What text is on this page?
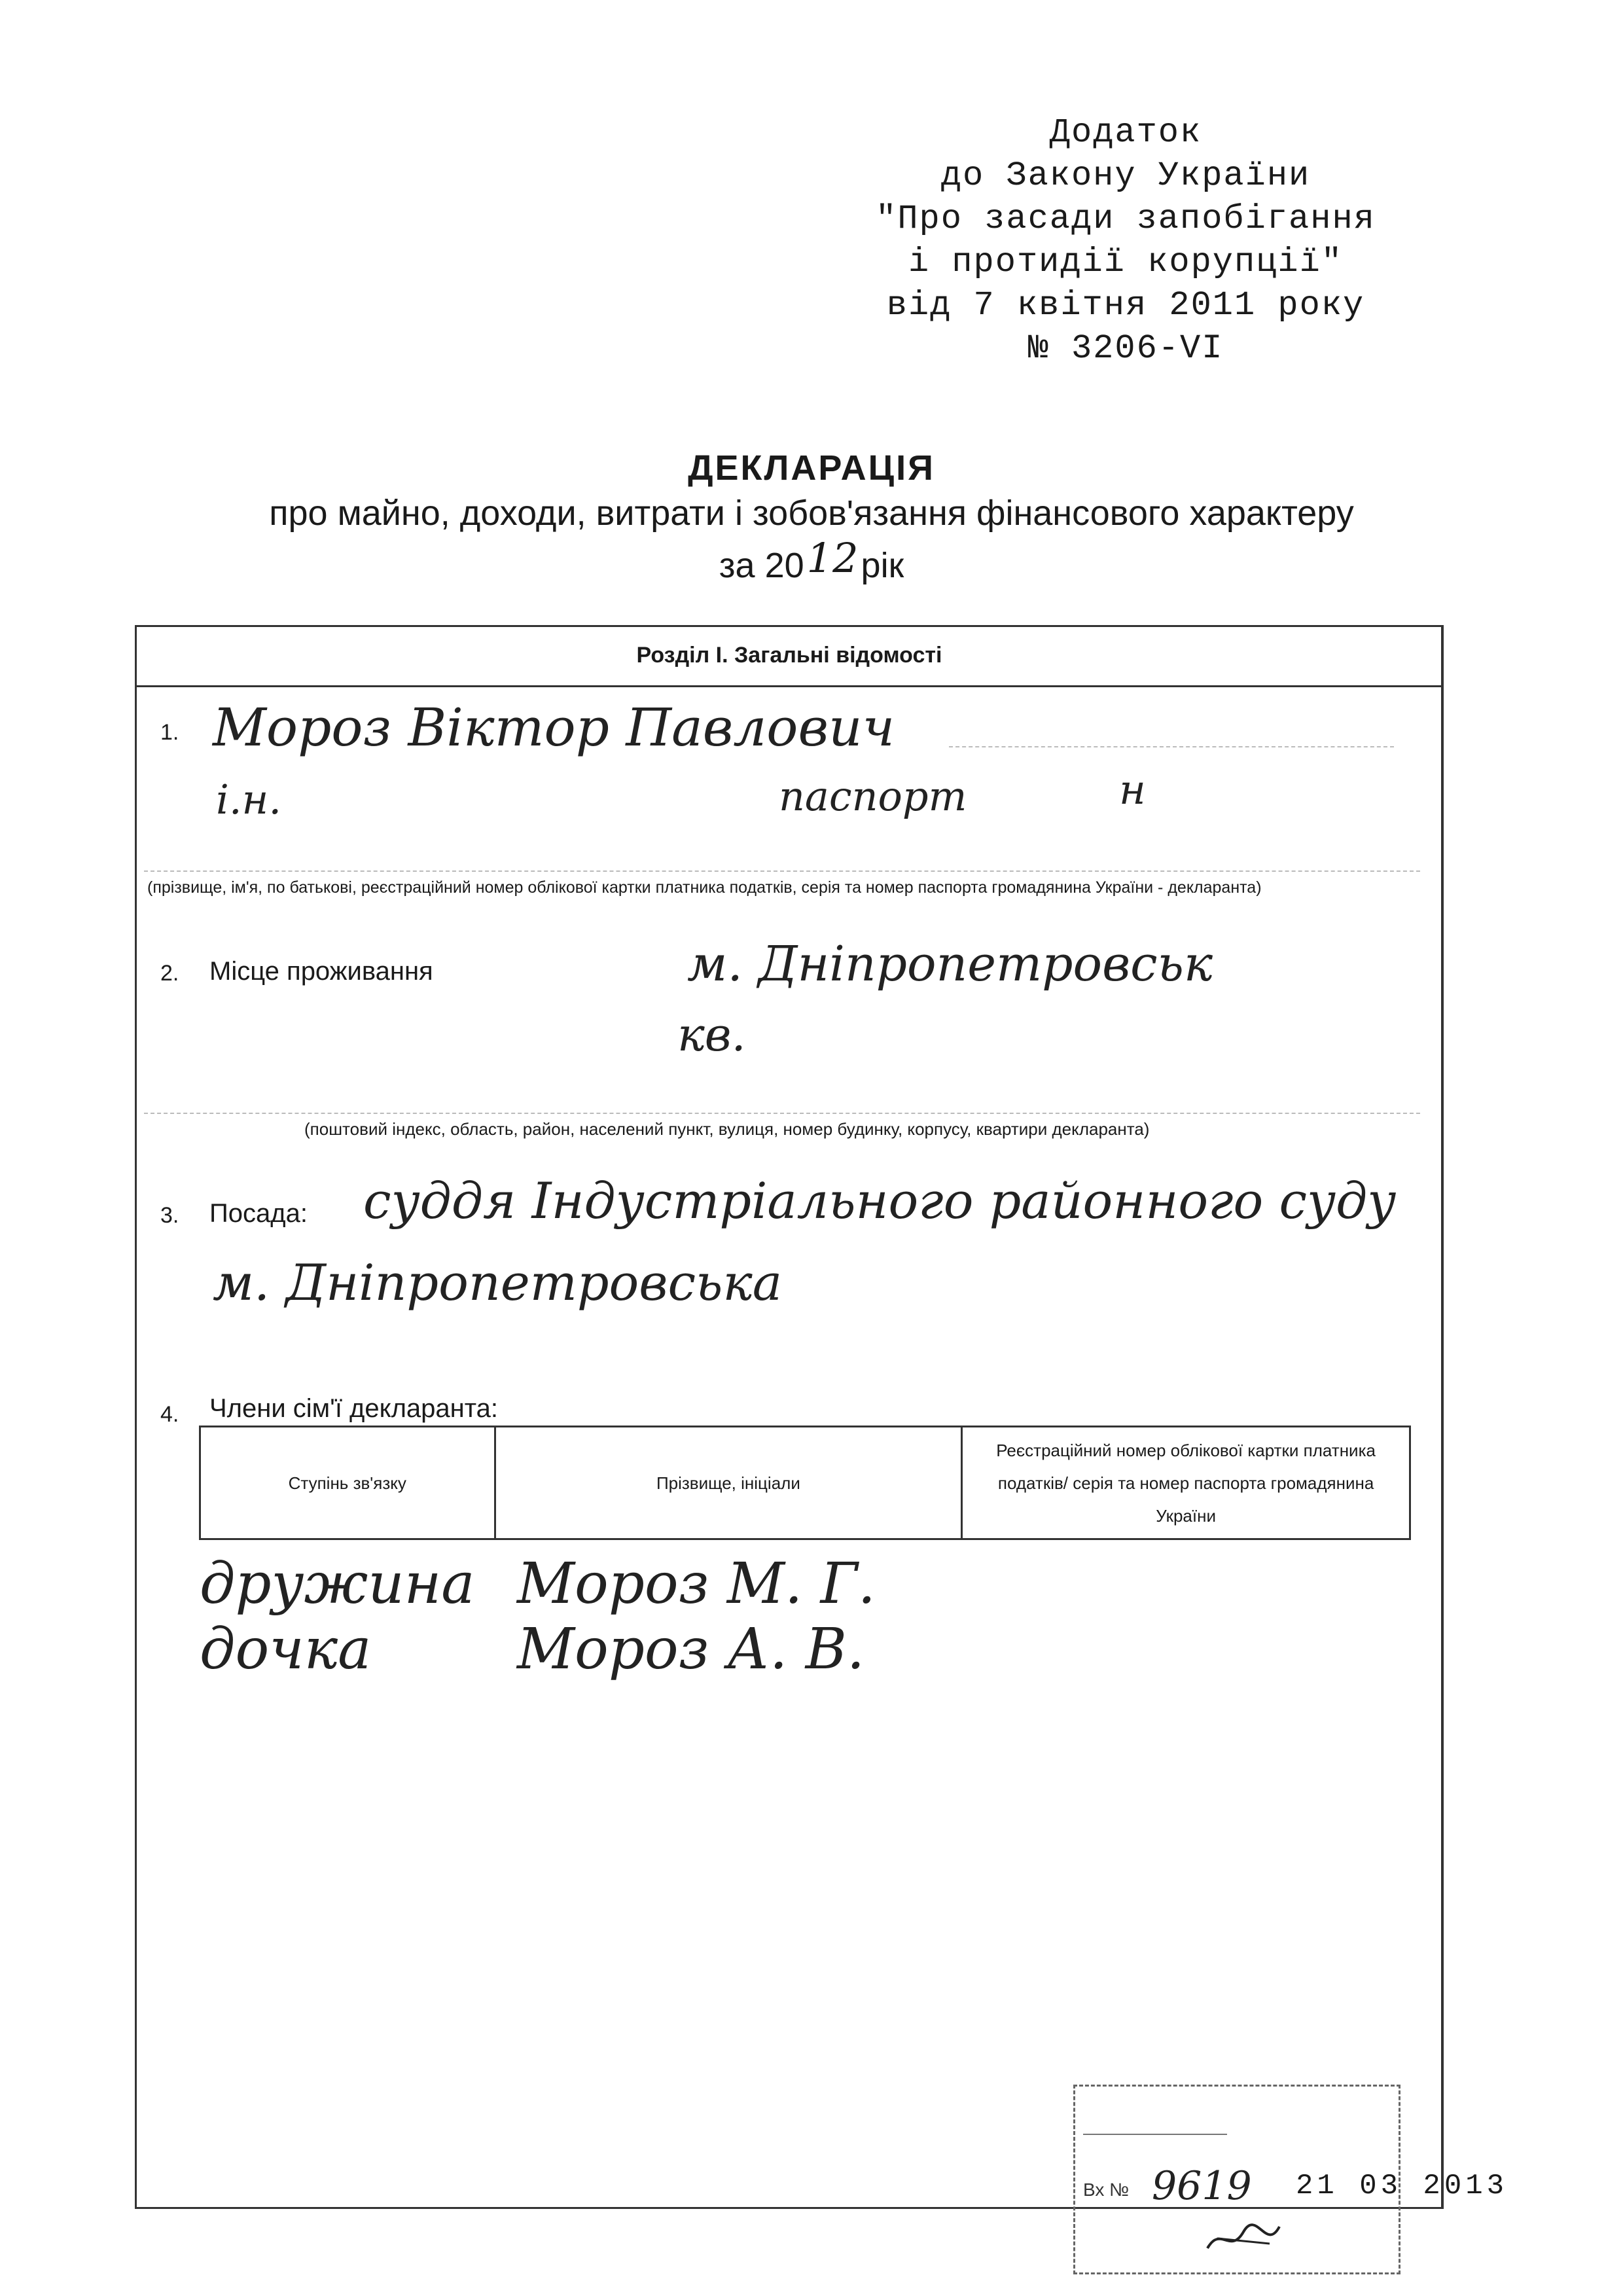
Додаток
до Закону України
"Про засади запобігання
і протидії корупції"
від 7 квітня 2011 року
№ 3206-VI
ДЕКЛАРАЦІЯ
про майно, доходи, витрати і зобов'язання фінансового характеру
за 2012рік
Розділ І. Загальні відомості
1. Мороз Віктор Павлович
і.н.	паспорт	н
(прізвище, ім'я, по батькові, реєстраційний номер облікової картки платника податків, серія та номер паспорта громадянина України - декларанта)
2. Місце проживання	м. Дніпропетровськ
кв.
(поштовий індекс, область, район, населений пункт, вулиця, номер будинку, корпусу, квартири декларанта)
3. Посада: суддя Індустріального районного суду
м. Дніпропетровська
4. Члени сім'ї декларанта:
Ступінь зв'язку	Прізвище, ініціали
Реєстраційний номер облікової картки платника податків/ серія та номер паспорта громадянина України
дружина Мороз М. Г.
дочка	Мороз А. В.
Вх № 9619 21 03 2013
